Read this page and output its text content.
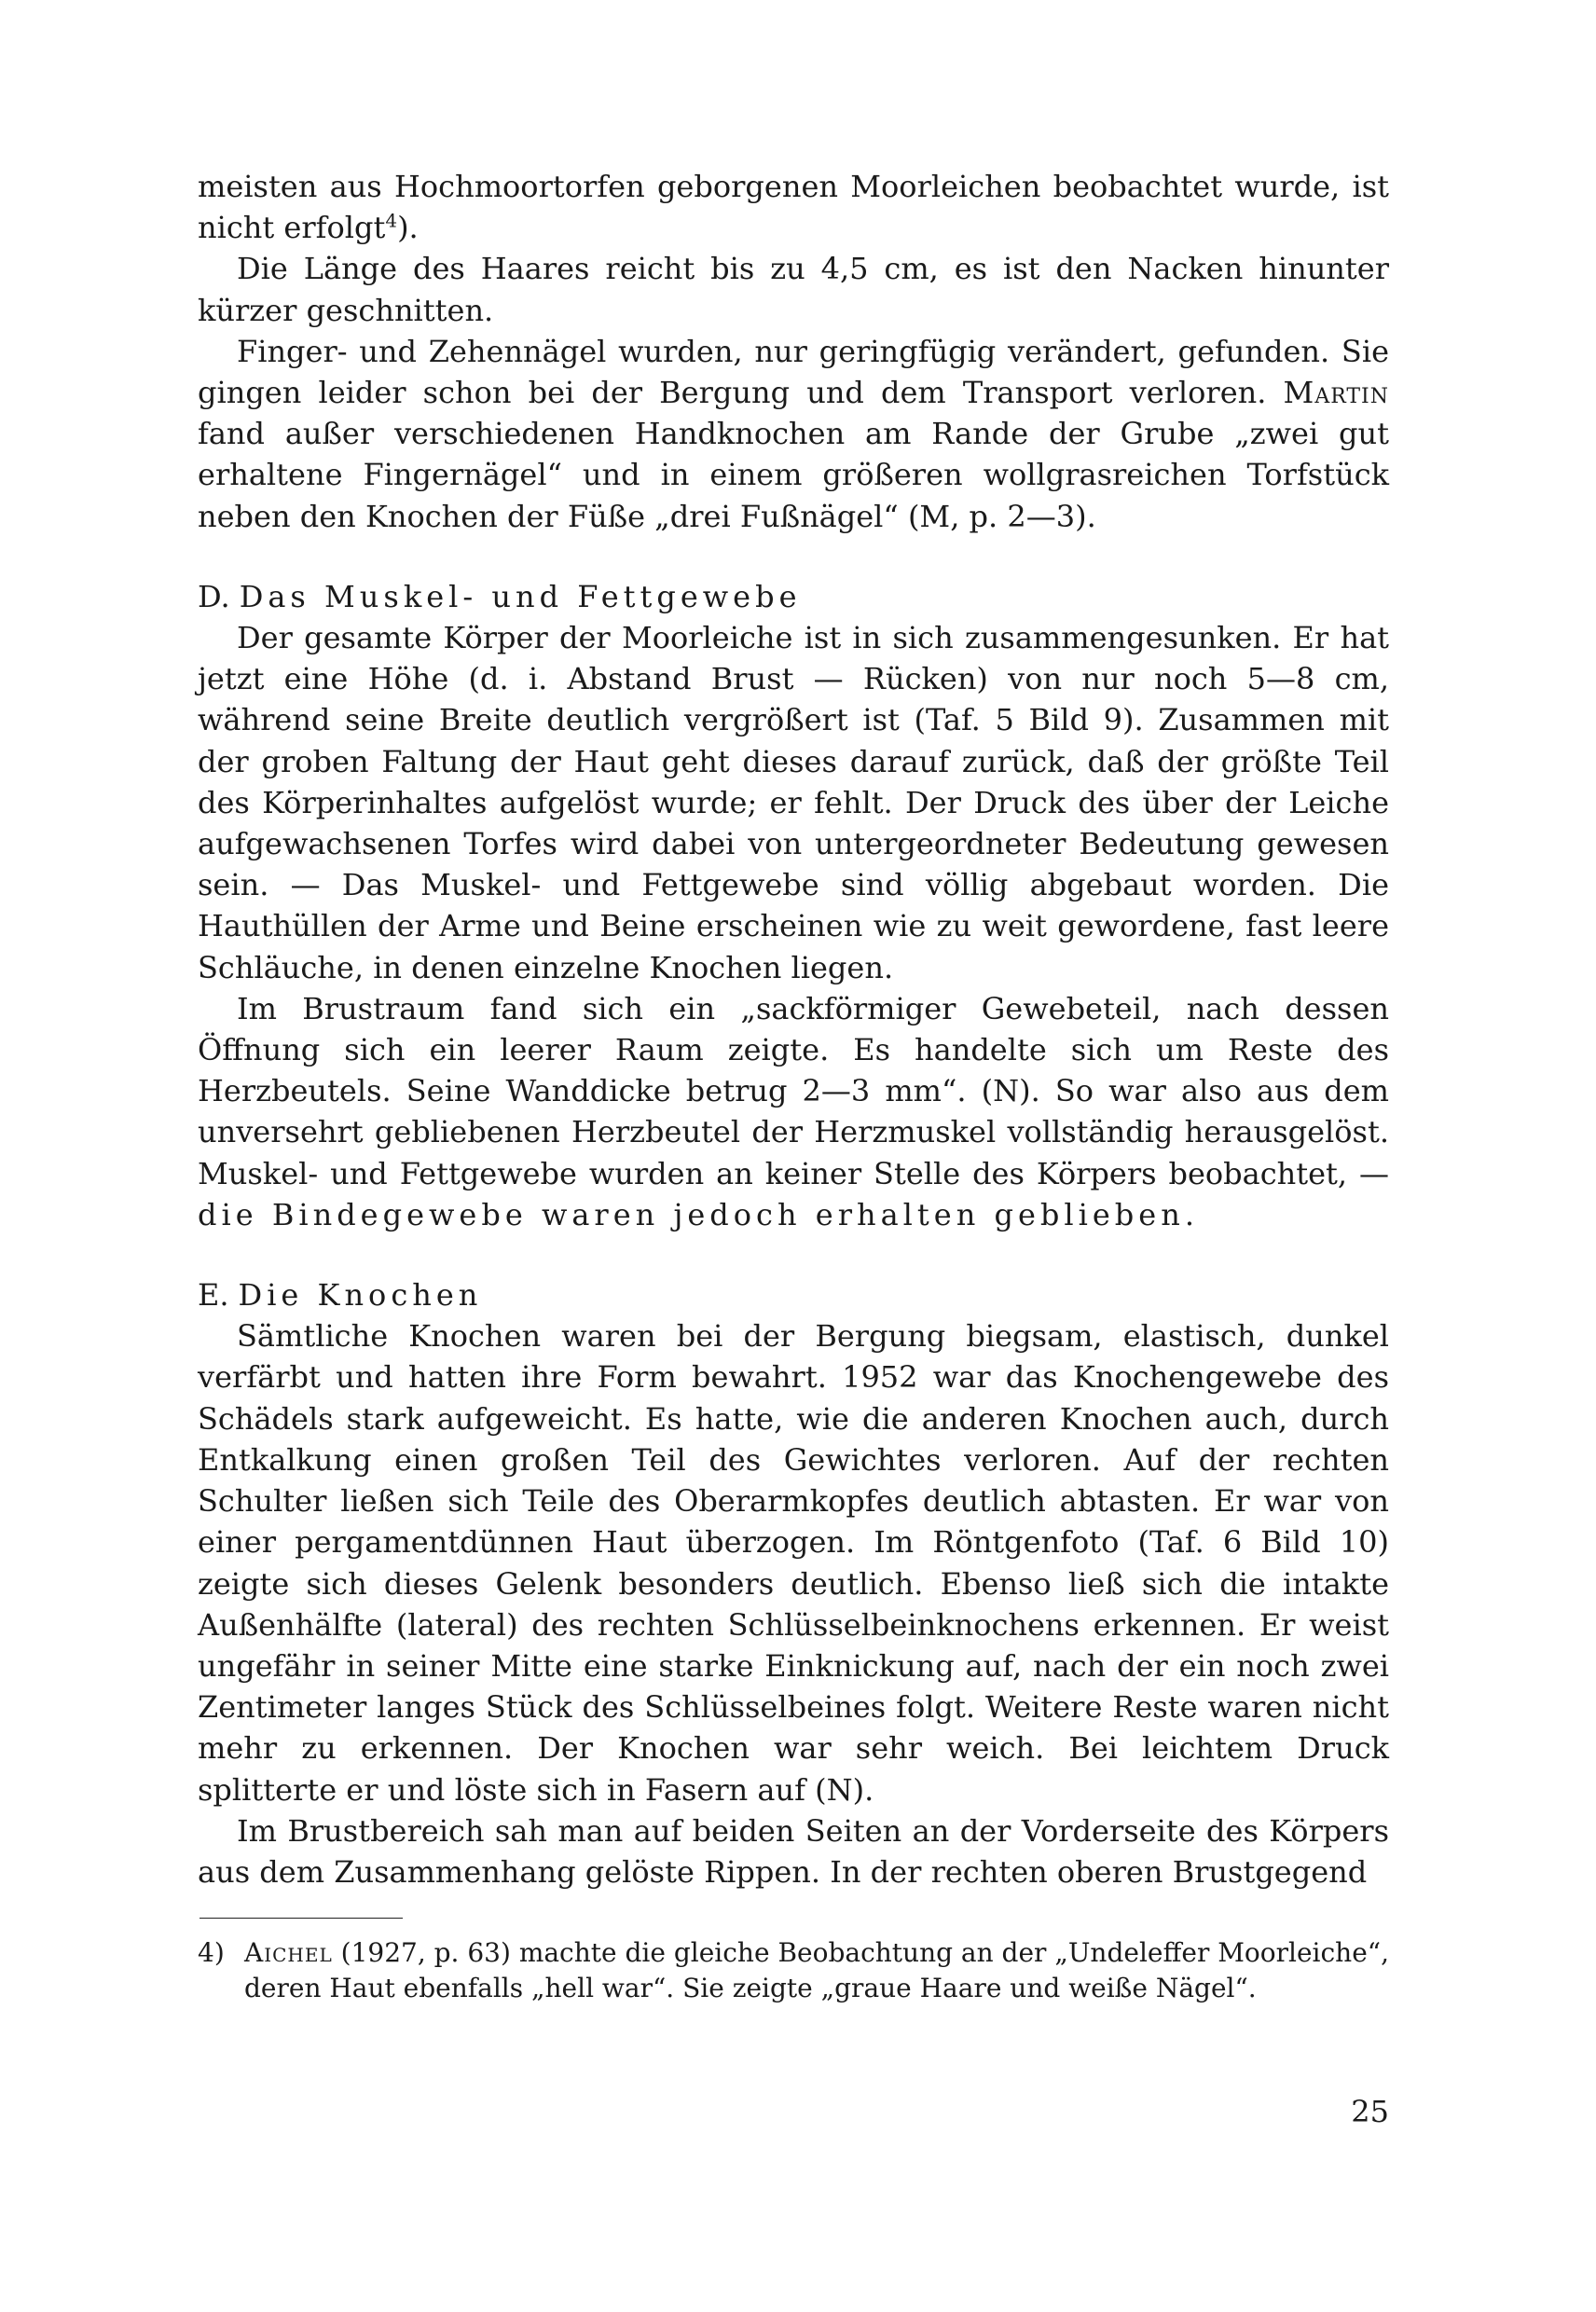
meisten aus Hochmoortorfen geborgenen Moorleichen beobachtet wurde, ist nicht erfolgt$^4$).

Die Länge des Haares reicht bis zu 4,5 cm, es ist den Nacken hinunter kürzer geschnitten.

Finger- und Zehennägel wurden, nur geringfügig verändert, gefunden. Sie gingen leider schon bei der Bergung und dem Transport verloren. Martin fand außer verschiedenen Handknochen am Rande der Grube „zwei gut erhaltene Fingernägel“ und in einem größeren wollgrasreichen Torfstück neben den Knochen der Füße „drei Fußnägel“ (M, p. 2—3).

D. Das Muskel- und Fettgewebe

Der gesamte Körper der Moorleiche ist in sich zusammengesunken. Er hat jetzt eine Höhe (d. i. Abstand Brust — Rücken) von nur noch 5—8 cm, während seine Breite deutlich vergrößert ist (Taf. 5 Bild 9). Zusammen mit der groben Faltung der Haut geht dieses darauf zurück, daß der größte Teil des Körperinhaltes aufgelöst wurde; er fehlt. Der Druck des über der Leiche aufgewachsenen Torfes wird dabei von untergeordneter Bedeutung gewesen sein. — Das Muskel- und Fettgewebe sind völlig abgebaut worden. Die Hauthüllen der Arme und Beine erscheinen wie zu weit gewordene, fast leere Schläuche, in denen einzelne Knochen liegen.

Im Brustraum fand sich ein „sackförmiger Gewebeteil, nach dessen Öffnung sich ein leerer Raum zeigte. Es handelte sich um Reste des Herzbeutels. Seine Wanddicke betrug 2—3 mm“. (N). So war also aus dem unversehrt gebliebenen Herzbeutel der Herzmuskel vollständig herausgelöst. Muskel- und Fettgewebe wurden an keiner Stelle des Körpers beobachtet, — die Bindegewebe waren jedoch erhalten geblieben.

E. Die Knochen

Sämtliche Knochen waren bei der Bergung biegsam, elastisch, dunkel verfärbt und hatten ihre Form bewahrt. 1952 war das Knochengewebe des Schädels stark aufgeweicht. Es hatte, wie die anderen Knochen auch, durch Entkalkung einen großen Teil des Gewichtes verloren. Auf der rechten Schulter ließen sich Teile des Oberarmkopfes deutlich abtasten. Er war von einer pergamentdünnen Haut überzogen. Im Röntgenfoto (Taf. 6 Bild 10) zeigte sich dieses Gelenk besonders deutlich. Ebenso ließ sich die intakte Außenhälfte (lateral) des rechten Schlüsselbeinknochens erkennen. Er weist ungefähr in seiner Mitte eine starke Einknickung auf, nach der ein noch zwei Zentimeter langes Stück des Schlüsselbeines folgt. Weitere Reste waren nicht mehr zu erkennen. Der Knochen war sehr weich. Bei leichtem Druck splitterte er und löste sich in Fasern auf (N).

Im Brustbereich sah man auf beiden Seiten an der Vorderseite des Körpers aus dem Zusammenhang gelöste Rippen. In der rechten oberen Brustgegend

4) Aichel (1927, p. 63) machte die gleiche Beobachtung an der „Undeleffer Moorleiche“, deren Haut ebenfalls „hell war“. Sie zeigte „graue Haare und weiße Nägel“.
25
